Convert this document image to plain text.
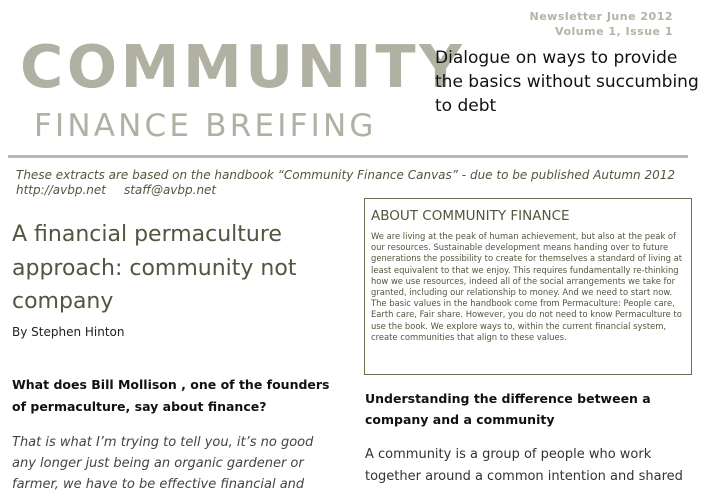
Newsletter June 2012
Volume 1, Issue 1
COMMUNITY
FINANCE BREIFING
Dialogue on ways to provide the basics without succumbing to debt
These extracts are based on the handbook “Community Finance Canvas” - due to be published Autumn 2012
http://avbp.net staff@avbp.net
A financial permaculture approach: community not company
By Stephen Hinton
What does Bill Mollison , one of the founders of permaculture, say about finance?
That is what I’m trying to tell you, it’s no good any longer just being an organic gardener or farmer, we have to be effective financial and
ABOUT COMMUNITY FINANCE
We are living at the peak of human achievement, but also at the peak of our resources. Sustainable development means handing over to future generations the possibility to create for themselves a standard of living at least equivalent to that we enjoy. This requires fundamentally re-thinking how we use resources, indeed all of the social arrangements we take for granted, including our relationship to money. And we need to start now. The basic values in the handbook come from Permaculture: People care, Earth care, Fair share. However, you do not need to know Permaculture to use the book. We explore ways to, within the current financial system, create communities that align to these values.
Understanding the difference between a company and a community
A community is a group of people who work together around a common intention and shared
